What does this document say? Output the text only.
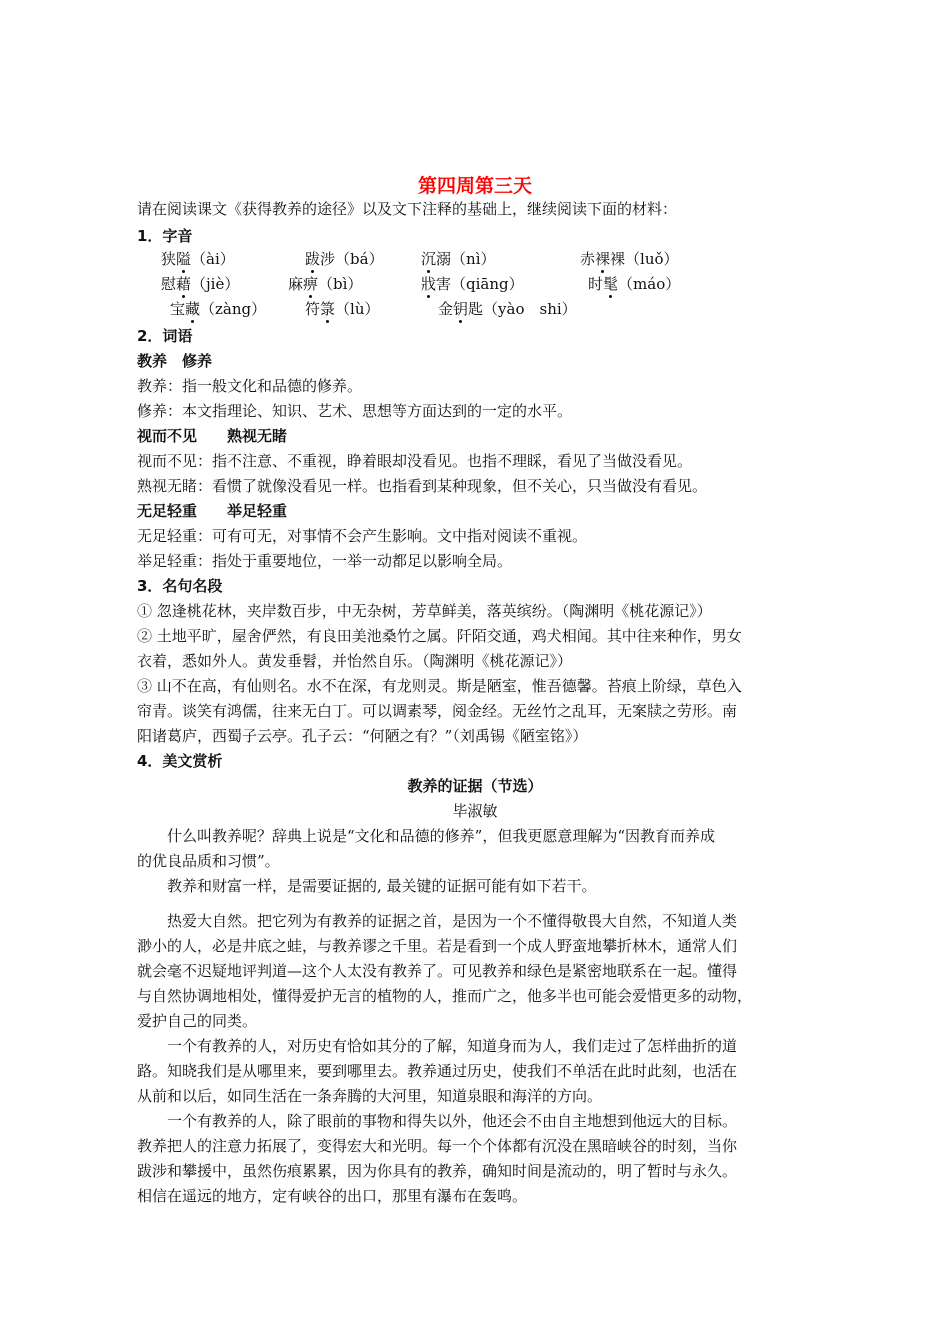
第四周第三天
请在阅读课文《获得教养的途径》以及文下注释的基础上，继续阅读下面的材料：
1．字音
狭隘（ài）	跋涉（bá） 沉溺（nì）	赤裸裸（luǒ）
慰藉（jiè）	麻痹（bì）	戕害（qiāng）	时髦（máo）
宝藏（zàng）	符箓（lù）	金钥匙（yào　shi）
2．词语
教养　修养
教养：指一般文化和品德的修养。
修养：本文指理论、知识、艺术、思想等方面达到的一定的水平。
视而不见　　熟视无睹
视而不见：指不注意、不重视，睁着眼却没看见。也指不理睬，看见了当做没看见。
熟视无睹：看惯了就像没看见一样。也指看到某种现象，但不关心，只当做没有看见。
无足轻重　　举足轻重
无足轻重：可有可无，对事情不会产生影响。文中指对阅读不重视。
举足轻重：指处于重要地位，一举一动都足以影响全局。
3．名句名段
① 忽逢桃花林，夹岸数百步，中无杂树，芳草鲜美，落英缤纷。（陶渊明《桃花源记》）
② 土地平旷，屋舍俨然，有良田美池桑竹之属。阡陌交通，鸡犬相闻。其中往来种作，男女
衣着，悉如外人。黄发垂髫，并怡然自乐。（陶渊明《桃花源记》）
③ 山不在高，有仙则名。水不在深，有龙则灵。斯是陋室，惟吾德馨。苔痕上阶绿，草色入
帘青。谈笑有鸿儒，往来无白丁。可以调素琴，阅金经。无丝竹之乱耳，无案牍之劳形。南
阳诸葛庐，西蜀子云亭。孔子云：“何陋之有？”（刘禹锡《陋室铭》）
4．美文赏析
教养的证据（节选）
毕淑敏
　　什么叫教养呢？辞典上说是“文化和品德的修养”，但我更愿意理解为“因教育而养成
的优良品质和习惯”。
　　教养和财富一样，是需要证据的, 最关键的证据可能有如下若干。
　　热爱大自然。把它列为有教养的证据之首，是因为一个不懂得敬畏大自然，不知道人类
渺小的人，必是井底之蛙，与教养谬之千里。若是看到一个成人野蛮地攀折林木，通常人们
就会毫不迟疑地评判道—这个人太没有教养了。可见教养和绿色是紧密地联系在一起。懂得
与自然协调地相处，懂得爱护无言的植物的人，推而广之，他多半也可能会爱惜更多的动物，
爱护自己的同类。
　　一个有教养的人，对历史有恰如其分的了解，知道身而为人，我们走过了怎样曲折的道
路。知晓我们是从哪里来，要到哪里去。教养通过历史，使我们不单活在此时此刻，也活在
从前和以后，如同生活在一条奔腾的大河里，知道泉眼和海洋的方向。
　　一个有教养的人，除了眼前的事物和得失以外，他还会不由自主地想到他远大的目标。
教养把人的注意力拓展了，变得宏大和光明。每一个个体都有沉没在黑暗峡谷的时刻，当你
跋涉和攀援中，虽然伤痕累累，因为你具有的教养，确知时间是流动的，明了暂时与永久。
相信在遥远的地方，定有峡谷的出口，那里有瀑布在轰鸣。
